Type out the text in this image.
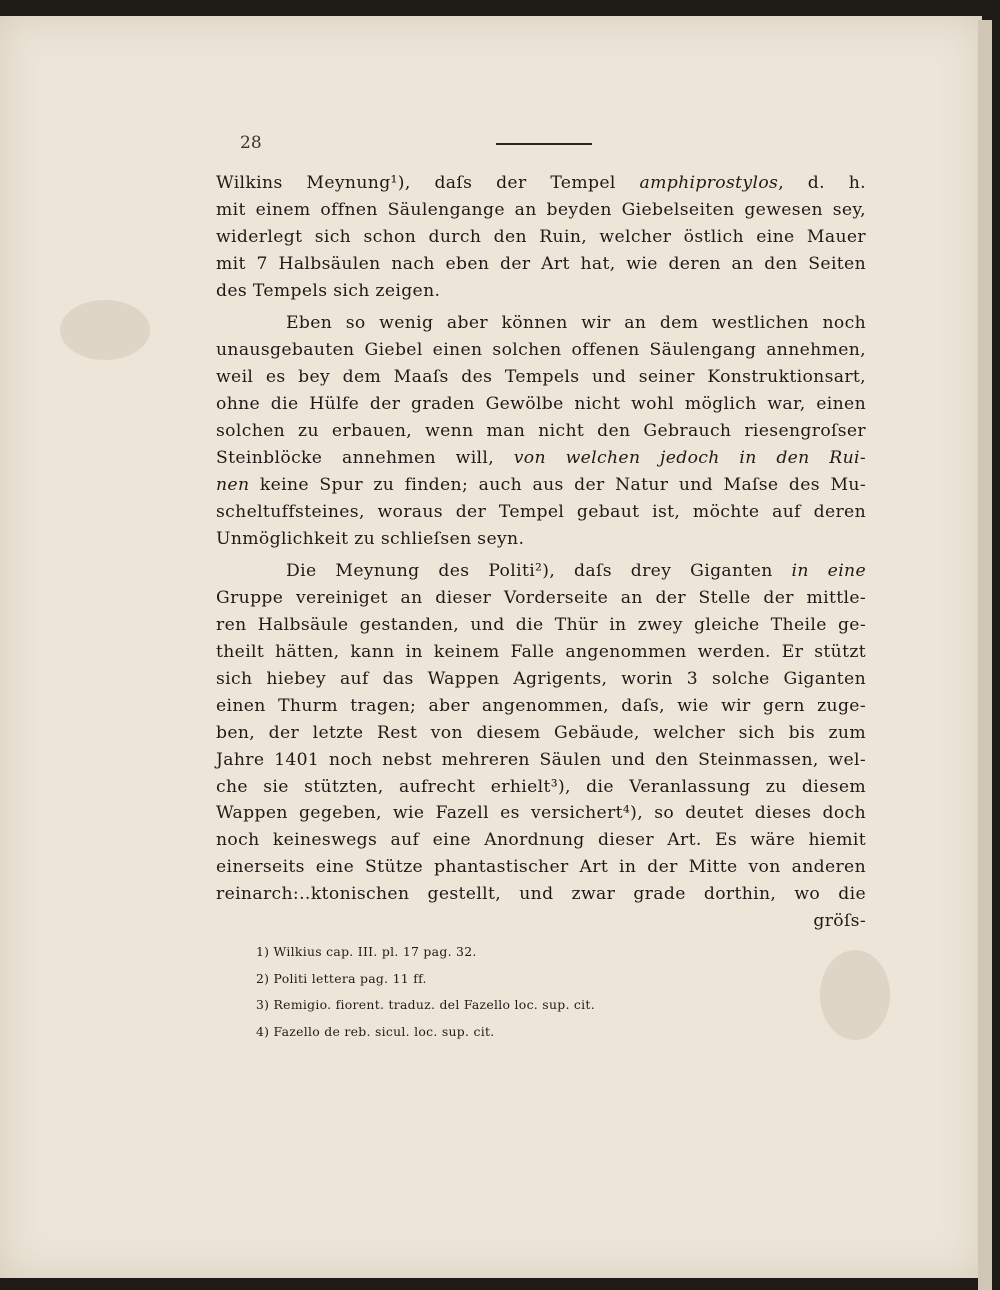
28
Wilkins Meynung¹), daſs der Tempel amphiprostylos, d. h.
mit einem offnen Säulengange an beyden Giebelseiten gewesen sey,
widerlegt sich schon durch den Ruin, welcher östlich eine Mauer
mit 7 Halbsäulen nach eben der Art hat, wie deren an den Seiten
des Tempels sich zeigen.
Eben so wenig aber können wir an dem westlichen noch
unausgebauten Giebel einen solchen offenen Säulengang annehmen,
weil es bey dem Maaſs des Tempels und seiner Konstruktionsart,
ohne die Hülfe der graden Gewölbe nicht wohl möglich war, einen
solchen zu erbauen, wenn man nicht den Gebrauch riesengroſser
Steinblöcke annehmen will, von welchen jedoch in den Rui-
nen keine Spur zu finden; auch aus der Natur und Maſse des Mu-
scheltuffsteines, woraus der Tempel gebaut ist, möchte auf deren
Unmöglichkeit zu schlieſsen seyn.
Die Meynung des Politi²), daſs drey Giganten in eine
Gruppe vereiniget an dieser Vorderseite an der Stelle der mittle-
ren Halbsäule gestanden, und die Thür in zwey gleiche Theile ge-
theilt hätten, kann in keinem Falle angenommen werden. Er stützt
sich hiebey auf das Wappen Agrigents, worin 3 solche Giganten
einen Thurm tragen; aber angenommen, daſs, wie wir gern zuge-
ben, der letzte Rest von diesem Gebäude, welcher sich bis zum
Jahre 1401 noch nebst mehreren Säulen und den Steinmassen, wel-
che sie stützten, aufrecht erhielt³), die Veranlassung zu diesem
Wappen gegeben, wie Fazell es versichert⁴), so deutet dieses doch
noch keineswegs auf eine Anordnung dieser Art. Es wäre hiemit
einerseits eine Stütze phantastischer Art in der Mitte von anderen
reinarch:‥ktonischen gestellt, und zwar grade dorthin, wo die
gröſs-
1) Wilkius cap. III. pl. 17 pag. 32.
2) Politi lettera pag. 11 ff.
3) Remigio. fiorent. traduz. del Fazello loc. sup. cit.
4) Fazello de reb. sicul. loc. sup. cit.
